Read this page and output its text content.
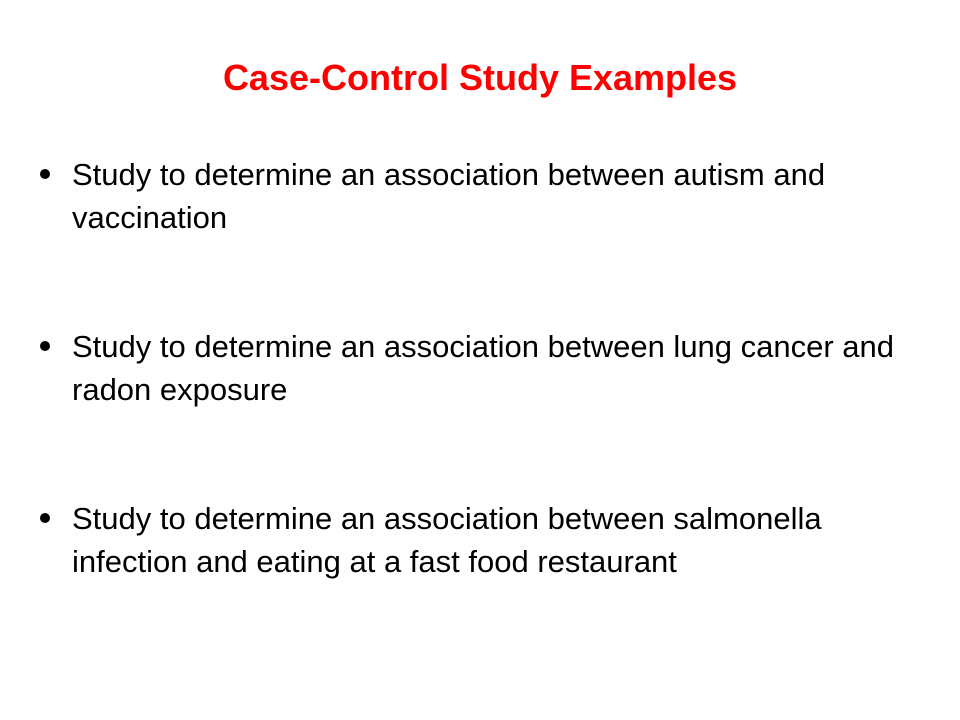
Case-Control Study Examples
Study to determine an association between autism and vaccination
Study to determine an association between lung cancer and radon exposure
Study to determine an association between salmonella infection and eating at a fast food restaurant
